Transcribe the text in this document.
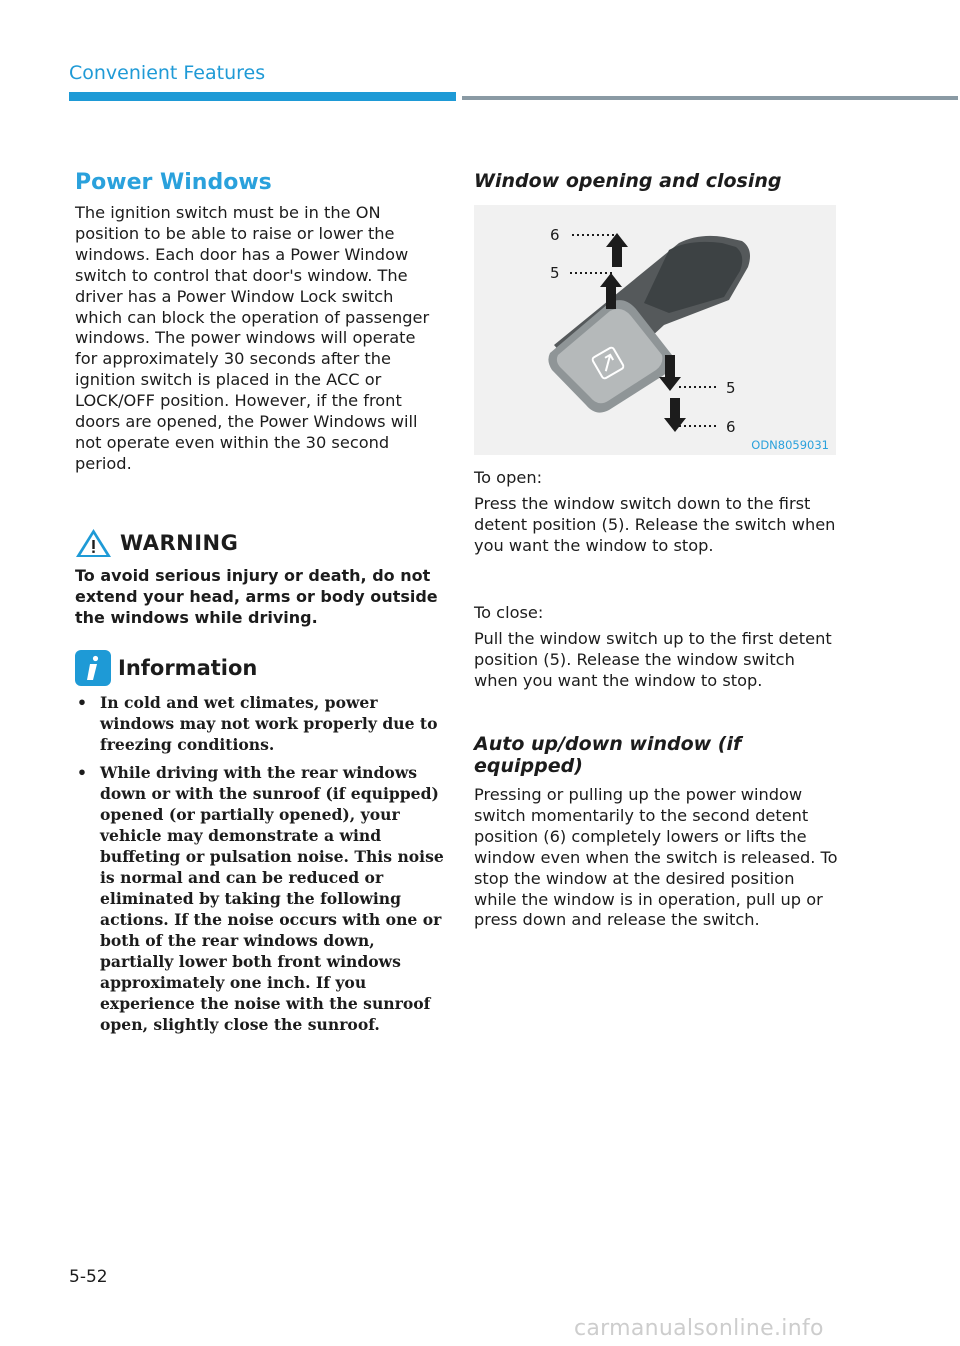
Convenient Features
Power Windows

The ignition switch must be in the ON position to be able to raise or lower the windows. Each door has a Power Window switch to control that door's window. The driver has a Power Window Lock switch which can block the operation of passenger windows. The power windows will operate for approximately 30 seconds after the ignition switch is placed in the ACC or LOCK/OFF position. However, if the front doors are opened, the Power Windows will not operate even within the 30 second period.

WARNING

To avoid serious injury or death, do not extend your head, arms or body outside the windows while driving.

Information
• In cold and wet climates, power windows may not work properly due to freezing conditions.
• While driving with the rear windows down or with the sunroof (if equipped) opened (or partially opened), your vehicle may demonstrate a wind buffeting or pulsation noise. This noise is normal and can be reduced or eliminated by taking the following actions. If the noise occurs with one or both of the rear windows down, partially lower both front windows approximately one inch. If you experience the noise with the sunroof open, slightly close the sunroof.
Window opening and closing
6
5
5
6
ODN8059031

To open:

Press the window switch down to the first detent position (5). Release the switch when you want the window to stop.

To close:

Pull the window switch up to the first detent position (5). Release the window switch when you want the window to stop.

Auto up/down window (if equipped)

Pressing or pulling up the power window switch momentarily to the second detent position (6) completely lowers or lifts the window even when the switch is released. To stop the window at the desired position while the window is in operation, pull up or press down and release the switch.

5-52
carmanualsonline.info
